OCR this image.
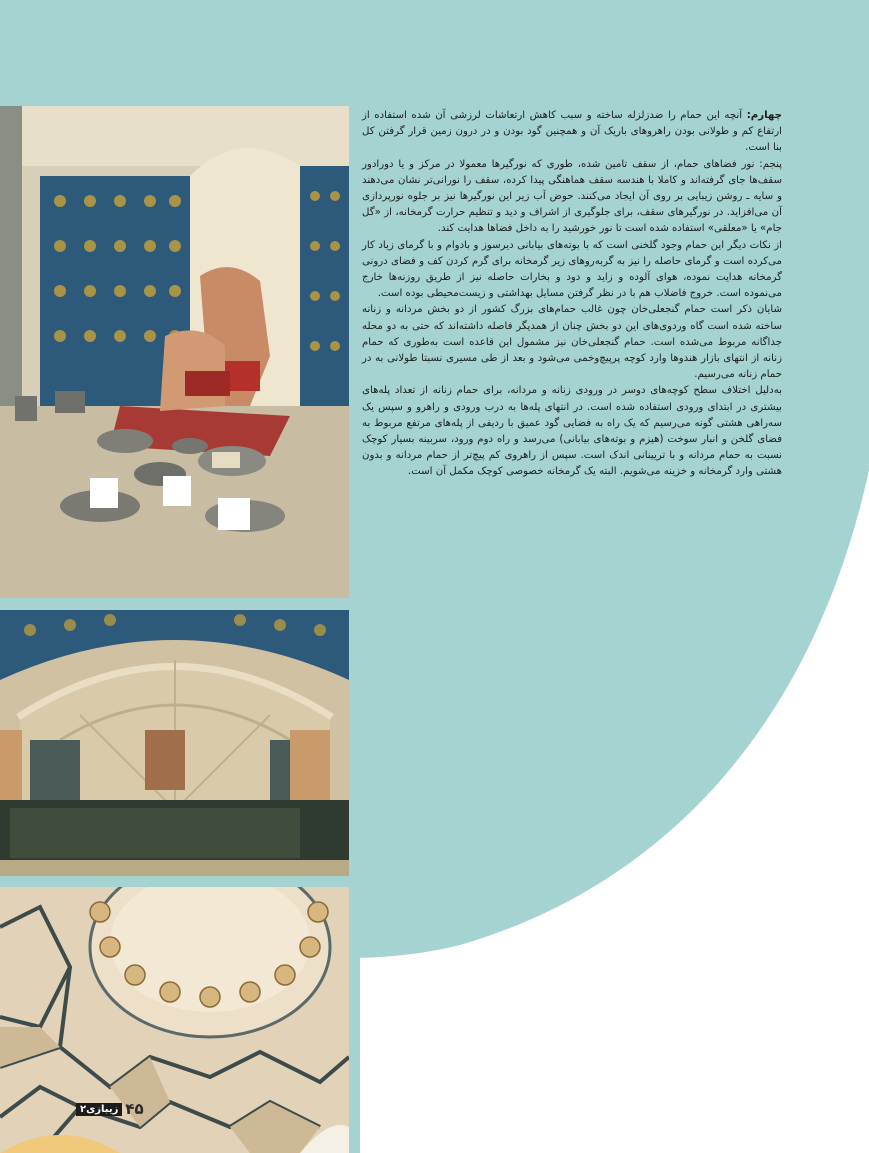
چهارم: آنچه این حمام را ضدزلزله ساخته و سبب کاهش ارتعاشات لرزشی آن شده استفاده از ارتفاع کم و طولانی بودن راهروهای باریک آن و همچنین گود بودن و در درون زمین قرار گرفتن کل بنا است.

پنجم: نور فضاهای حمام، از سقف تامین شده، طوری که نورگیرها معمولا در مرکز و یا دورادور سقف‌ها جای گرفته‌اند و کاملا با هندسه سقف هماهنگی پیدا کرده، سقف را نورانی‌تر نشان می‌دهند و سایه ـ روشن زیبایی بر روی آن ایجاد می‌کنند. حوض آب زیر این نورگیرها نیز بر جلوه نورپردازی آن می‌افزاید. در نورگیرهای سقف، برای جلوگیری از اشراف و دید و تنظیم حرارت گرمخانه، از «گل جام» یا «معلقی» استفاده شده است تا نور خورشید را به داخل فضاها هدایت کند.

از نکات دیگر این حمام وجود گلخنی است که با بوته‌های بیابانی دیرسوز و بادوام و با گرمای زیاد کار می‌کرده است و گرمای حاصله را نیز به گربه‌روهای زیر گرمخانه برای گرم کردن کف و فضای درونی گرمخانه هدایت نموده، هوای آلوده و زاید و دود و بخارات حاصله نیز از طریق روزنه‌ها خارج می‌نموده است. خروج فاضلاب هم با در نظر گرفتن مسایل بهداشتی و زیست‌محیطی بوده است.

شایان ذکر است حمام گنجعلی‌خان چون غالب حمام‌های بزرگ کشور از دو بخش مردانه و زنانه ساخته شده است گاه وردوی‌های این دو بخش چنان از همدیگر فاصله داشته‌اند که حتی به دو محله جداگانه مربوط می‌شده است. حمام گنجعلی‌خان نیز مشمول این قاعده است به‌طوری که حمام زنانه از انتهای بازار هندوها وارد کوچه پرپیچ‌وخمی می‌شود و بعد از طی مسیری نسبتا طولانی به در حمام زنانه می‌رسیم.

به‌دلیل اختلاف سطح کوچه‌های دوسر در ورودی زنانه و مردانه، برای حمام زنانه از تعداد پله‌های بیشتری در ابتدای ورودی استفاده شده است. در انتهای پله‌ها به درب ورودی و راهرو و سپس یک سه‌راهی هشتی گونه می‌رسیم که یک راه به فضایی گود عمیق با ردیفی از پله‌های مرتفع مربوط به فضای گلخن و انبار سوخت (هیزم و بوته‌های بیابانی) می‌رسد و راه دوم ورود، سربینه بسیار کوچک نسبت به حمام مردانه و با تریینانی اندک است. سپس از راهروی کم پیچ‌تر از حمام مردانه و بدون هشتی وارد گرمخانه و خزینه می‌شویم. البته یک گرمخانه خصوصی کوچک مکمل آن است.

۴۵
زیبازی۲
